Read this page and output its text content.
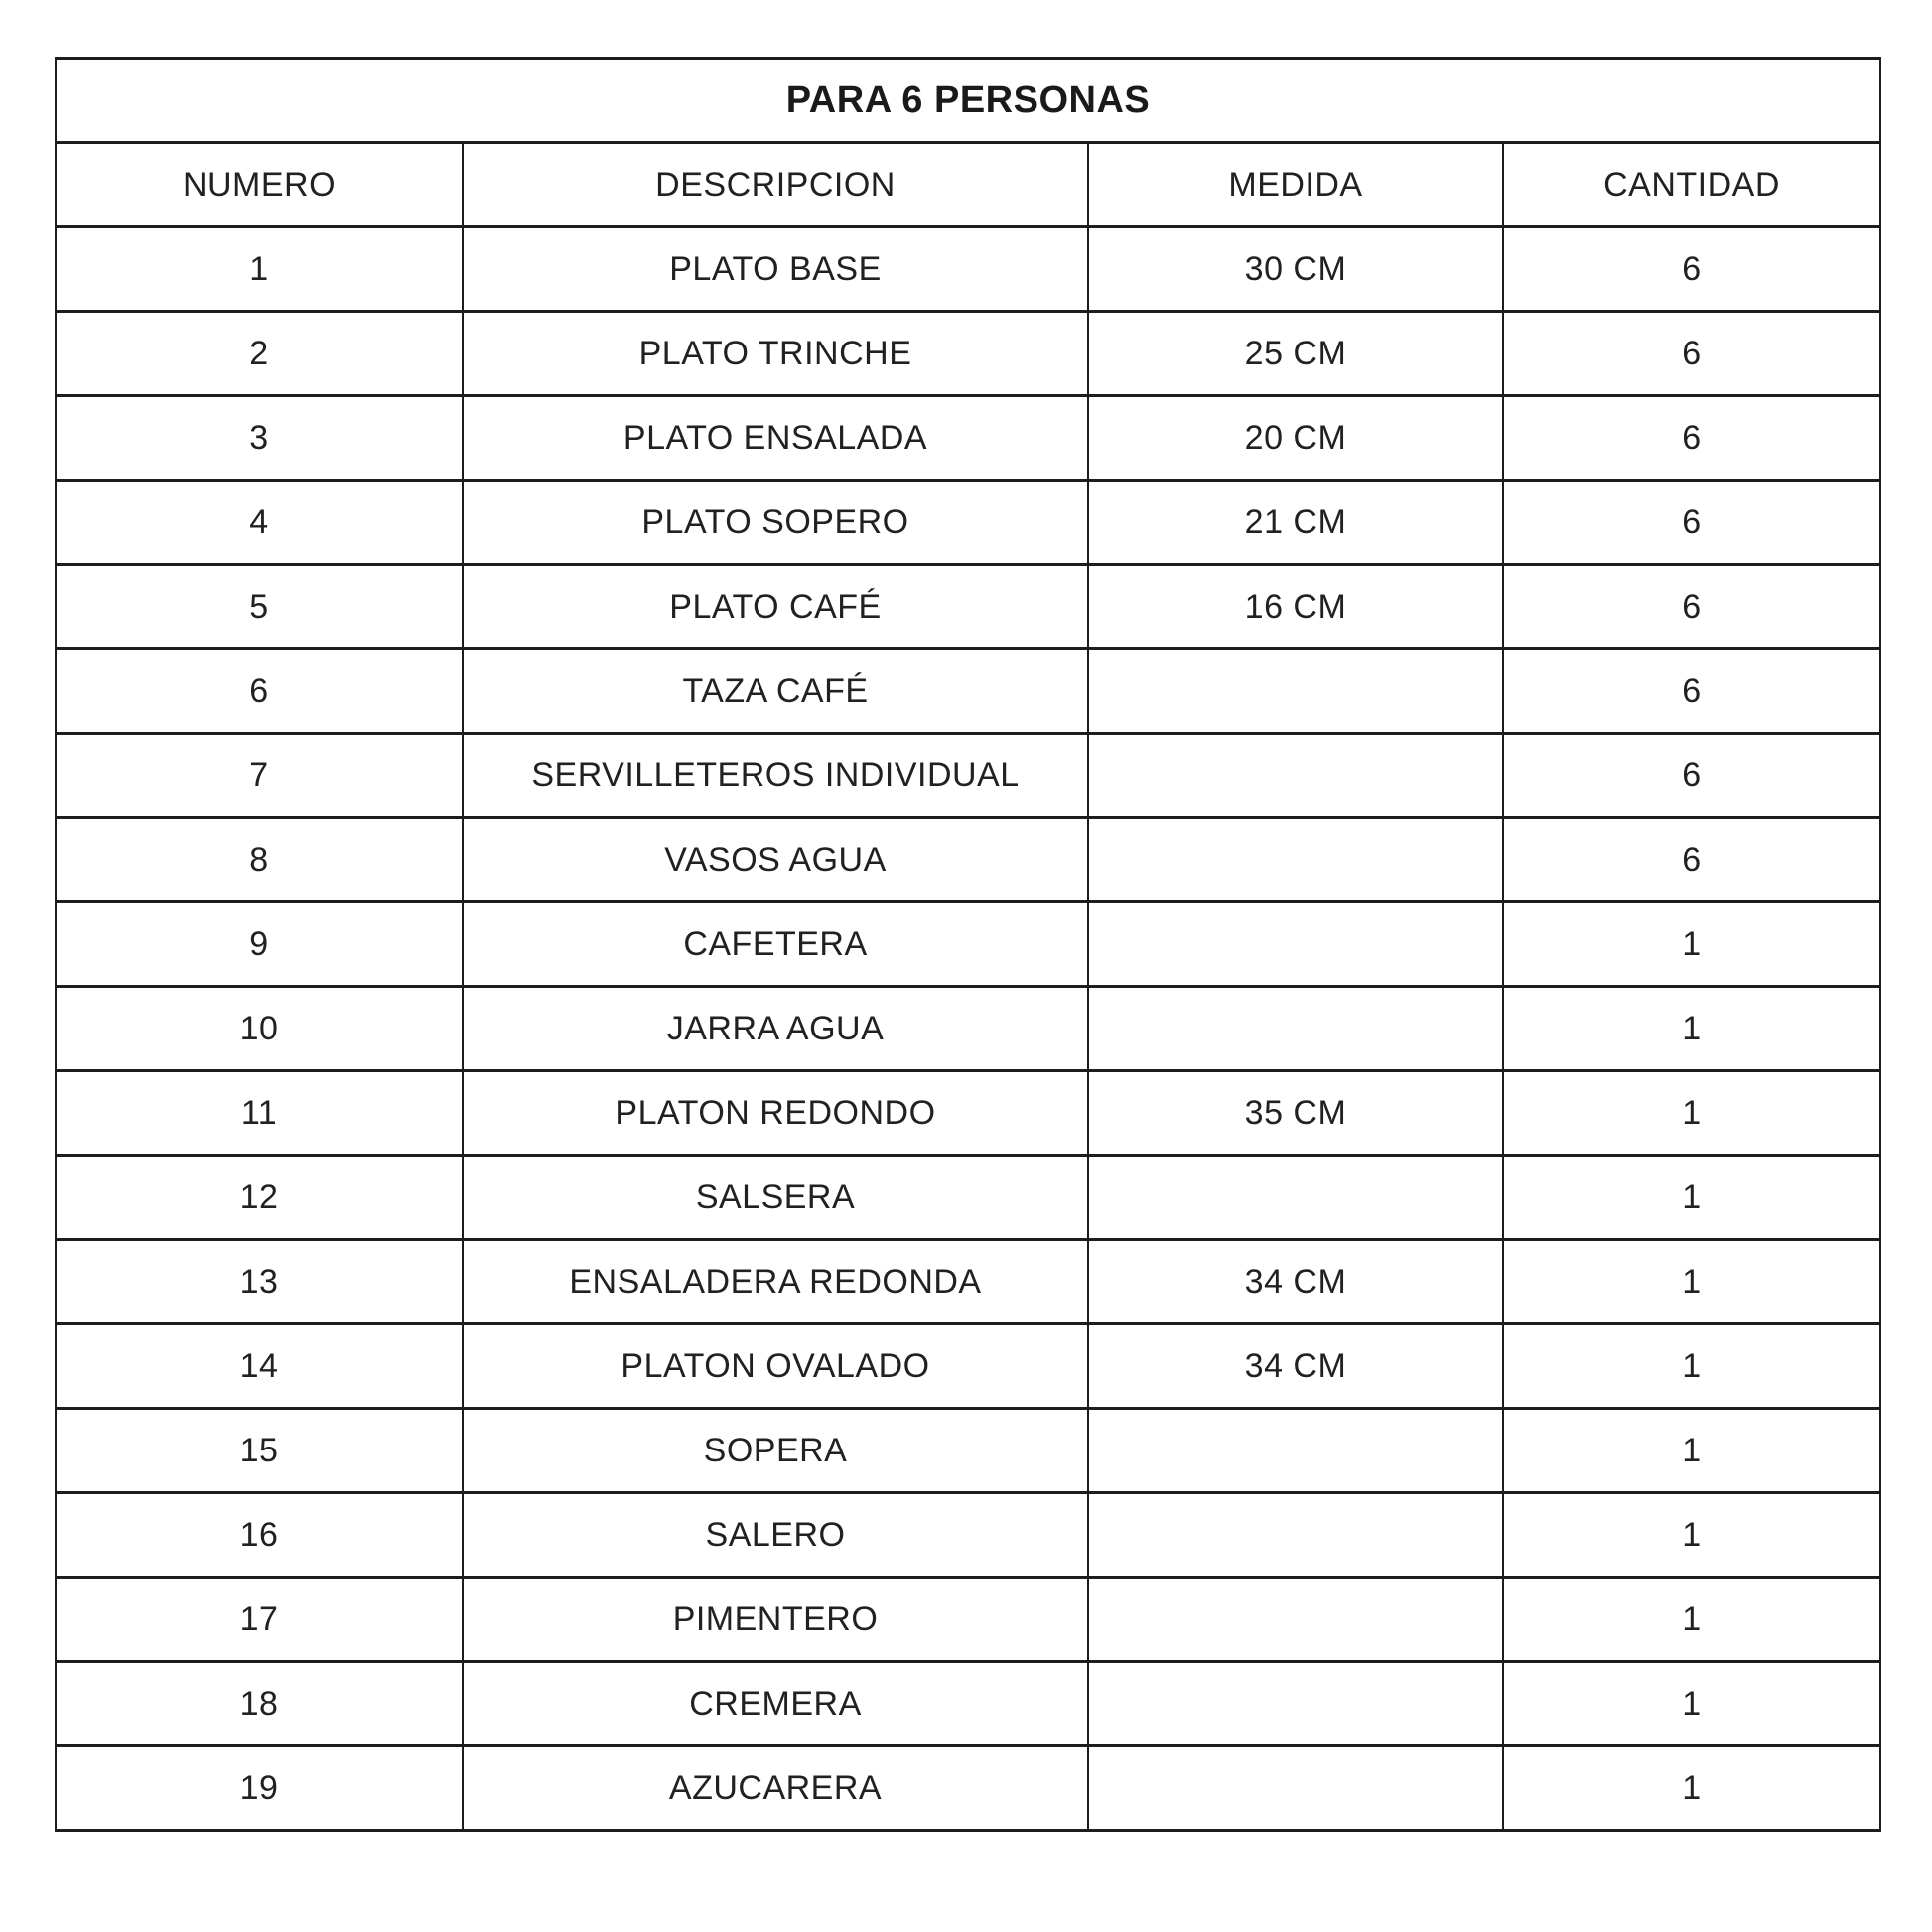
PARA 6 PERSONAS			
NUMERO	DESCRIPCION	MEDIDA	CANTIDAD
1	PLATO BASE	30 CM	6
2	PLATO TRINCHE	25 CM	6
3	PLATO ENSALADA	20 CM	6
4	PLATO SOPERO	21 CM	6
5	PLATO CAFÉ	16 CM	6
6	TAZA CAFÉ		6
7	SERVILLETEROS INDIVIDUAL		6
8	VASOS AGUA		6
9	CAFETERA		1
10	JARRA AGUA		1
11	PLATON REDONDO	35 CM	1
12	SALSERA		1
13	ENSALADERA REDONDA	34 CM	1
14	PLATON OVALADO	34 CM	1
15	SOPERA		1
16	SALERO		1
17	PIMENTERO		1
18	CREMERA		1
19	AZUCARERA		1
